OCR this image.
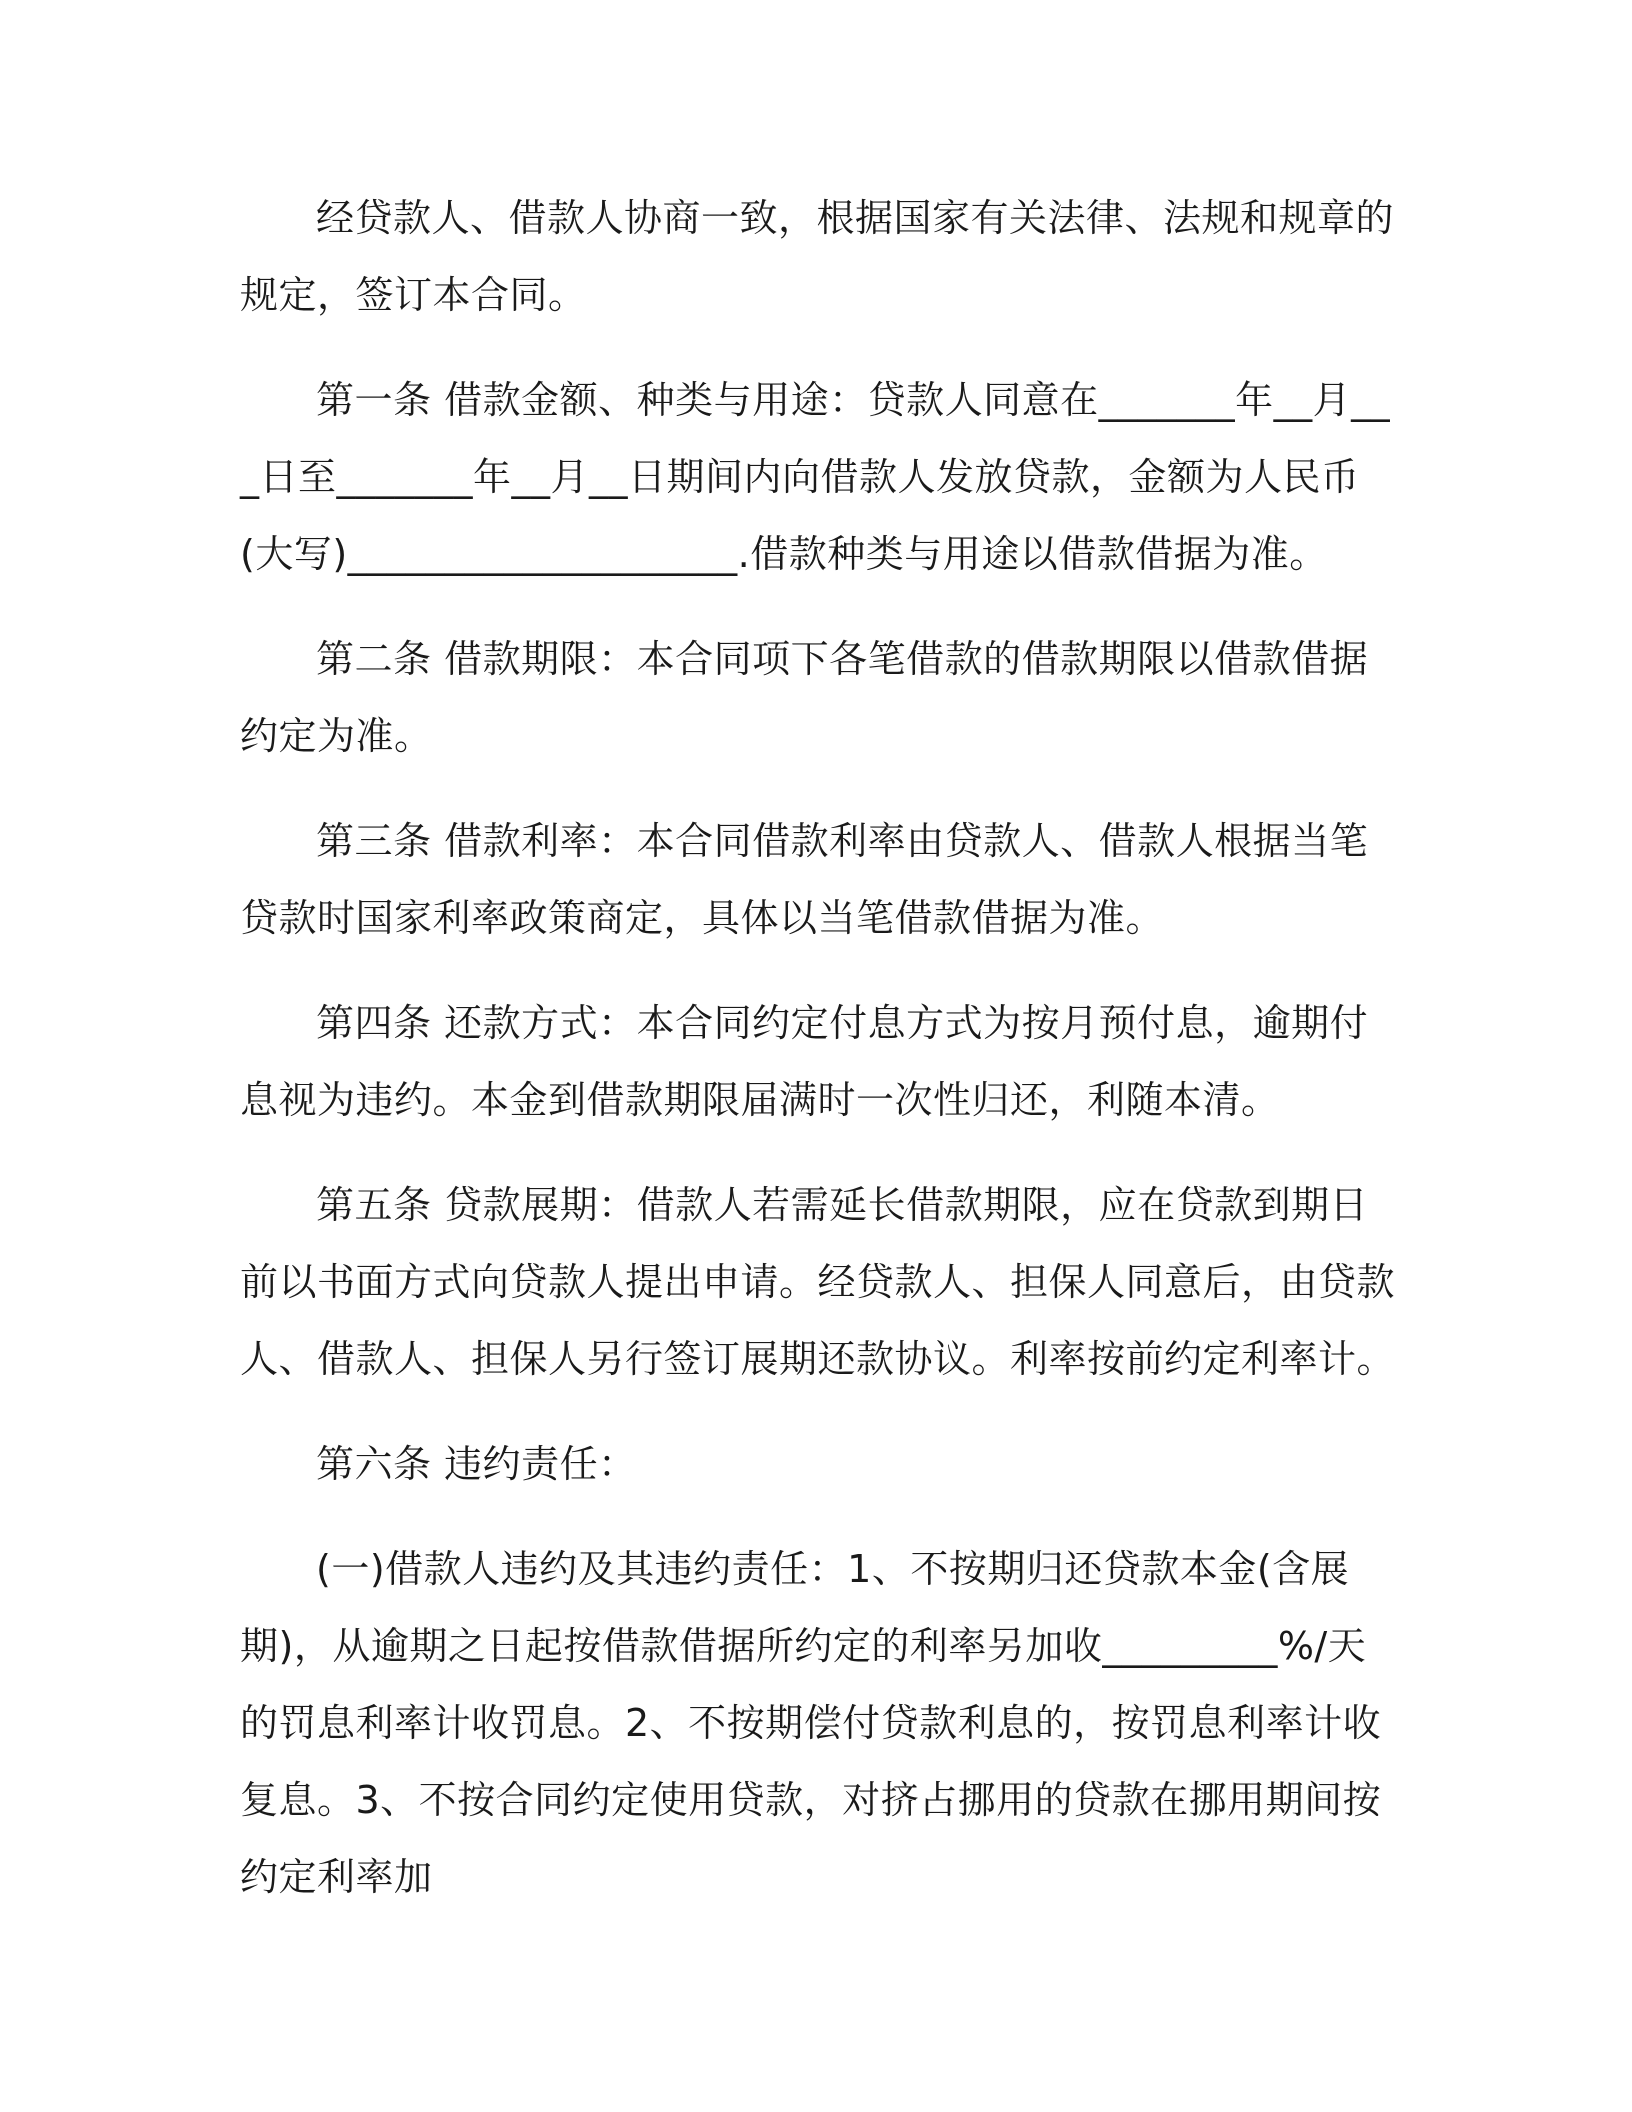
经贷款人、借款人协商一致，根据国家有关法律、法规和规章的规定，签订本合同。

第一条 借款金额、种类与用途：贷款人同意在_______年__月___日至_______年__月__日期间内向借款人发放贷款，金额为人民币(大写)____________________.借款种类与用途以借款借据为准。

第二条 借款期限：本合同项下各笔借款的借款期限以借款借据约定为准。

第三条 借款利率：本合同借款利率由贷款人、借款人根据当笔贷款时国家利率政策商定，具体以当笔借款借据为准。

第四条 还款方式：本合同约定付息方式为按月预付息，逾期付息视为违约。本金到借款期限届满时一次性归还，利随本清。

第五条 贷款展期：借款人若需延长借款期限，应在贷款到期日前以书面方式向贷款人提出申请。经贷款人、担保人同意后，由贷款人、借款人、担保人另行签订展期还款协议。利率按前约定利率计。

第六条 违约责任：

(一)借款人违约及其违约责任：1、不按期归还贷款本金(含展期)，从逾期之日起按借款借据所约定的利率另加收_________%/天的罚息利率计收罚息。2、不按期偿付贷款利息的，按罚息利率计收复息。3、不按合同约定使用贷款，对挤占挪用的贷款在挪用期间按约定利率加
